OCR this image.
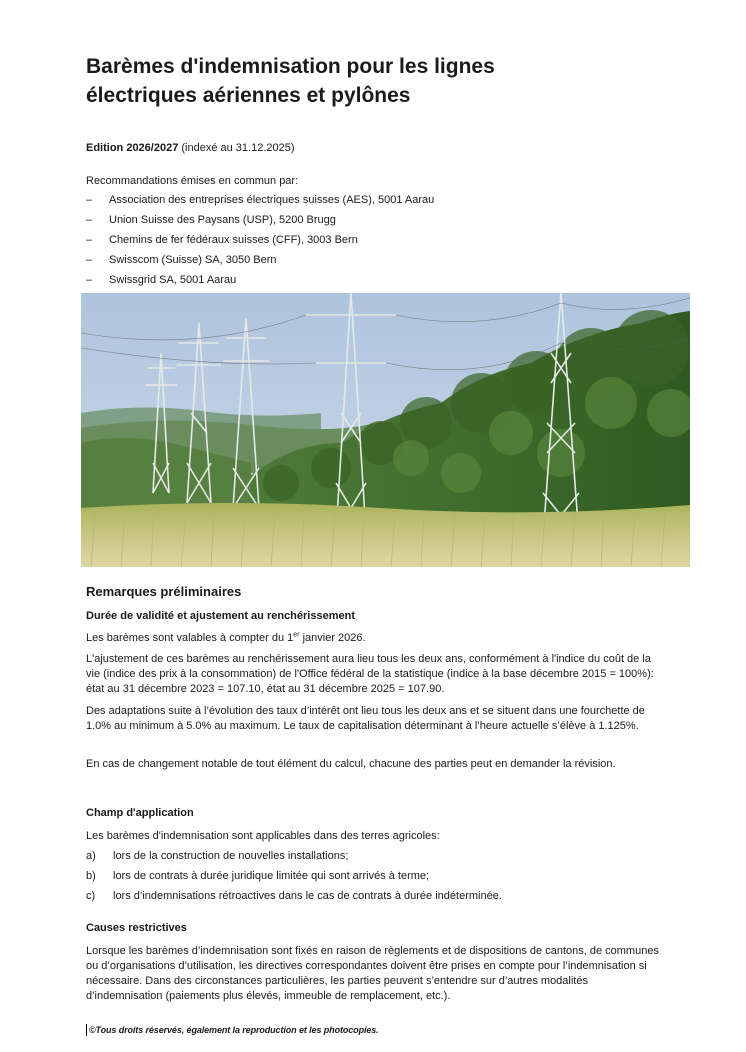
Barèmes d'indemnisation pour les lignes
électriques aériennes et pylônes
Edition 2026/2027 (indexé au 31.12.2025)
Recommandations émises en commun par:
– Association des entreprises électriques suisses (AES), 5001 Aarau
– Union Suisse des Paysans (USP), 5200 Brugg
– Chemins de fer fédéraux suisses (CFF), 3003 Bern
– Swisscom (Suisse) SA, 3050 Bern
– Swissgrid SA, 5001 Aarau
Remarques préliminaires
Durée de validité et ajustement au renchérissement

Les barèmes sont valables à compter du 1er janvier 2026.

L'ajustement de ces barèmes au renchérissement aura lieu tous les deux ans, conformément à l'indice du coût de la vie (indice des prix à la consommation) de l'Office fédéral de la statistique (indice à la base décembre 2015 = 100%): état au 31 décembre 2023 = 107.10, état au 31 décembre 2025 = 107.90.

Des adaptations suite à l’évolution des taux d’intérêt ont lieu tous les deux ans et se situent dans une fourchette de 1.0% au minimum à 5.0% au maximum. Le taux de capitalisation déterminant à l’heure actuelle s’élève à 1.125%.

En cas de changement notable de tout élément du calcul, chacune des parties peut en demander la révision.

Champ d'application

Les barèmes d'indemnisation sont applicables dans des terres agricoles:

a) lors de la construction de nouvelles installations;
b) lors de contrats à durée juridique limitée qui sont arrivés à terme;
c) lors d’indemnisations rétroactives dans le cas de contrats à durée indéterminée.
Causes restrictives

Lorsque les barèmes d’indemnisation sont fixés en raison de règlements et de dispositions de cantons, de communes ou d’organisations d’utilisation, les directives correspondantes doivent être prises en compte pour l’indemnisation si nécessaire. Dans des circonstances particulières, les parties peuvent s’entendre sur d’autres modalités d’indemnisation (paiements plus élevés, immeuble de remplacement, etc.).

©Tous droits réservés, également la reproduction et les photocopies.
